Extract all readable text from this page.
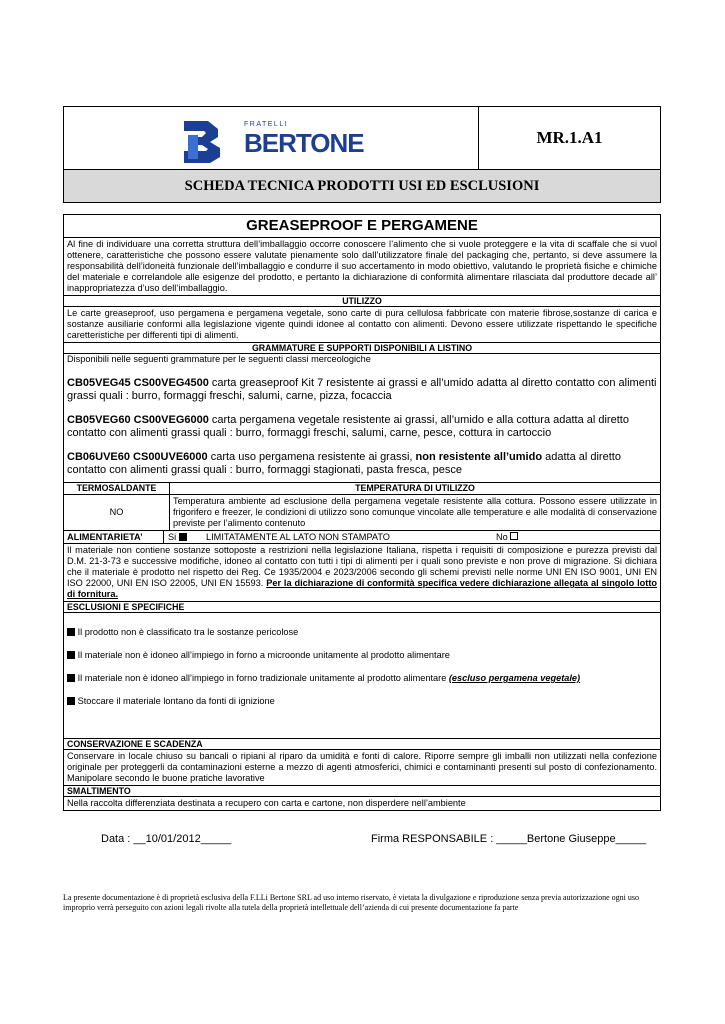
FRATELLI
BERTONE	MR.1.A1
SCHEDA TECNICA PRODOTTI USI ED ESCLUSIONI
GREASEPROOF E PERGAMENE
Al fine di individuare una corretta struttura dell’imballaggio occorre conoscere l’alimento che si vuole proteggere e la vita di scaffale che si vuol ottenere, caratteristiche che possono essere valutate pienamente solo dall’utilizzatore finale del packaging che, pertanto, si deve assumere la responsabilità dell’idoneità funzionale dell’imballaggio e condurre il suo accertamento in modo obiettivo, valutando le proprietà fisiche e chimiche del materiale e correlandole alle esigenze del prodotto, e pertanto la dichiarazione di conformità alimentare rilasciata dal produttore decade all’ inappropriatezza d’uso dell’imballaggio.
UTILIZZO
Le carte greaseproof, uso pergamena e pergamena vegetale, sono carte di pura cellulosa fabbricate con materie fibrose,sostanze di carica e sostanze ausiliarie conformi alla legislazione vigente quindi idonee al contatto con alimenti. Devono essere utilizzate rispettando le specifiche caretteristiche per differenti tipi di alimenti.
GRAMMATURE E SUPPORTI DISPONIBILI A LISTINO
Disponibili nelle seguenti grammature per le seguenti classi merceologiche
CB05VEG45 CS00VEG4500 carta greaseproof Kit 7 resistente ai grassi e all’umido adatta al diretto contatto con alimenti grassi quali : burro, formaggi freschi, salumi, carne, pizza, focaccia
CB05VEG60 CS00VEG6000 carta pergamena vegetale resistente ai grassi, all’umido e alla cottura adatta al diretto contatto con alimenti grassi quali : burro, formaggi freschi, salumi, carne, pesce, cottura in cartoccio
CB06UVE60 CS00UVE6000 carta uso pergamena resistente ai grassi, non resistente all’umido adatta al diretto contatto con alimenti grassi quali : burro, formaggi stagionati, pasta fresca, pesce
TERMOSALDANTE	TEMPERATURA DI UTILIZZO
NO
Temperatura ambiente ad esclusione della pergamena vegetale resistente alla cottura. Possono essere utilizzate in frigorifero e freezer, le condizioni di utilizzo sono comunque vincolate alle temperature e alle modalità di conservazione previste per l’alimento contenuto
ALIMENTARIETA’	Si	LIMITATAMENTE AL LATO NON STAMPATO	No
Il materiale non contiene sostanze sottoposte a restrizioni nella legislazione Italiana, rispetta i requisiti di composizione e purezza previsti dal D.M. 21-3-73 e successive modifiche, idoneo al contatto con tutti i tipi di alimenti per i quali sono previste e non prove di migrazione. Si dichiara che il materiale è prodotto nel rispetto dei Reg. Ce 1935/2004 e 2023/2006 secondo gli schemi previsti nelle norme UNI EN ISO 9001, UNI EN ISO 22000, UNI EN ISO 22005, UNI EN 15593. Per la dichiarazione di conformità specifica vedere dichiarazione allegata al singolo lotto di fornitura.
ESCLUSIONI E SPECIFICHE
Il prodotto non è classificato tra le sostanze pericolose
Il materiale non è idoneo all’impiego in forno a microonde unitamente al prodotto alimentare
Il materiale non è idoneo all’impiego in forno tradizionale unitamente al prodotto alimentare (escluso pergamena vegetale)
Stoccare il materiale lontano da fonti di ignizione
CONSERVAZIONE E SCADENZA
Conservare in locale chiuso su bancali o ripiani al riparo da umidità e fonti di calore. Riporre sempre gli imballi non utilizzati nella confezione originale per proteggerli da contaminazioni esterne a mezzo di agenti atmosferici, chimici e contaminanti presenti sul posto di confezionamento. Manipolare secondo le buone pratiche lavorative
SMALTIMENTO
Nella raccolta differenziata destinata a recupero con carta e cartone, non disperdere nell’ambiente
Data : __10/01/2012_____	Firma RESPONSABILE : _____Bertone Giuseppe_____
La presente documentazione è di proprietà esclusiva della F.LLi Bertone SRL ad uso interno riservato, è vietata la divulgazione e riproduzione senza previa autorizzazione ogni uso improprio verrà perseguito con azioni legali rivolte alla tutela della proprietà intellettuale dell’azienda di cui presente documentazione fa parte
